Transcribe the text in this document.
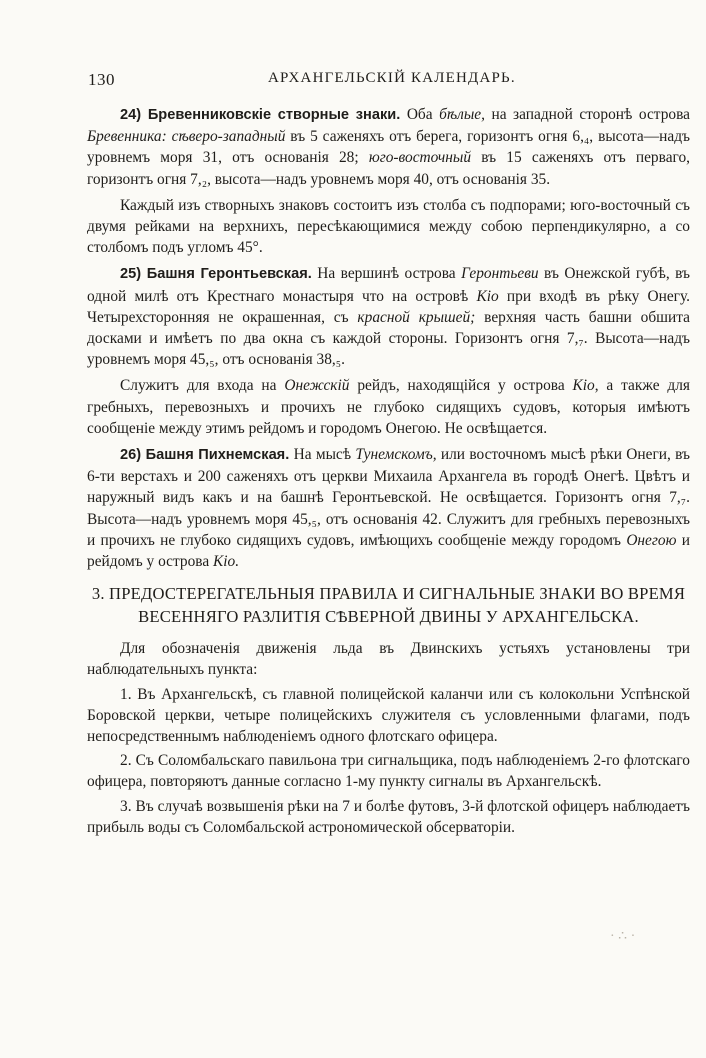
130	АРХАНГЕЛЬСКІЙ КАЛЕНДАРЬ.

24) Бревенниковскіе створные знаки. Оба бѣлые, на западной сторонѣ острова Бревенника: сѣверо-западный въ 5 саженяхъ отъ берега, горизонтъ огня 6,₄, высота—надъ уровнемъ моря 31, отъ основанія 28; юго-восточный въ 15 саженяхъ отъ перваго, горизонтъ огня 7,₂, высота—надъ уровнемъ моря 40, отъ основанія 35.

Каждый изъ створныхъ знаковъ состоитъ изъ столба съ подпорами; юго-восточный съ двумя рейками на верхнихъ, пересѣкающимися между собою перпендикулярно, а со столбомъ подъ угломъ 45°.

25) Башня Геронтьевская. На вершинѣ острова Геронтьеви въ Онежской губѣ, въ одной милѣ отъ Крестнаго монастыря что на островѣ Кіо при входѣ въ рѣку Онегу. Четырехсторонняя не окрашенная, съ красной крышей; верхняя часть башни обшита досками и имѣетъ по два окна съ каждой стороны. Горизонтъ огня 7,₇. Высота—надъ уровнемъ моря 45,₅, отъ основанія 38,₅.

Служитъ для входа на Онежскій рейдъ, находящійся у острова Кіо, а также для гребныхъ, перевозныхъ и прочихъ не глубоко сидящихъ судовъ, которыя имѣютъ сообщеніе между этимъ рейдомъ и городомъ Онегою. Не освѣщается.

26) Башня Пихнемская. На мысѣ Тунемскомъ, или восточномъ мысѣ рѣки Онеги, въ 6-ти верстахъ и 200 саженяхъ отъ церкви Михаила Архангела въ городѣ Онегѣ. Цвѣтъ и наружный видъ какъ и на башнѣ Геронтьевской. Не освѣщается. Горизонтъ огня 7,₇. Высота—надъ уровнемъ моря 45,₅, отъ основанія 42. Служитъ для гребныхъ перевозныхъ и прочихъ не глубоко сидящихъ судовъ, имѣющихъ сообщеніе между городомъ Онегою и рейдомъ у острова Кіо.

3. ПРЕДОСТЕРЕГАТЕЛЬНЫЯ ПРАВИЛА И СИГНАЛЬНЫЕ ЗНАКИ ВО ВРЕМЯ
ВЕСЕННЯГО РАЗЛИТІЯ СѢВЕРНОЙ ДВИНЫ У АРХАНГЕЛЬСКА.

Для обозначенія движенія льда въ Двинскихъ устьяхъ установлены три наблюдательныхъ пункта:

1. Въ Архангельскѣ, съ главной полицейской каланчи или съ колокольни Успѣнской Боровской церкви, четыре полицейскихъ служителя съ условленными флагами, подъ непосредственнымъ наблюденіемъ одного флотскаго офицера.

2. Съ Соломбальскаго павильона три сигнальщика, подъ наблюденіемъ 2-го флотскаго офицера, повторяютъ данные согласно 1-му пункту сигналы въ Архангельскѣ.

3. Въ случаѣ возвышенія рѣки на 7 и болѣе футовъ, 3-й флотской офицеръ наблюдаетъ прибыль воды съ Соломбальской астрономической обсерваторіи.

· ∴ ·
